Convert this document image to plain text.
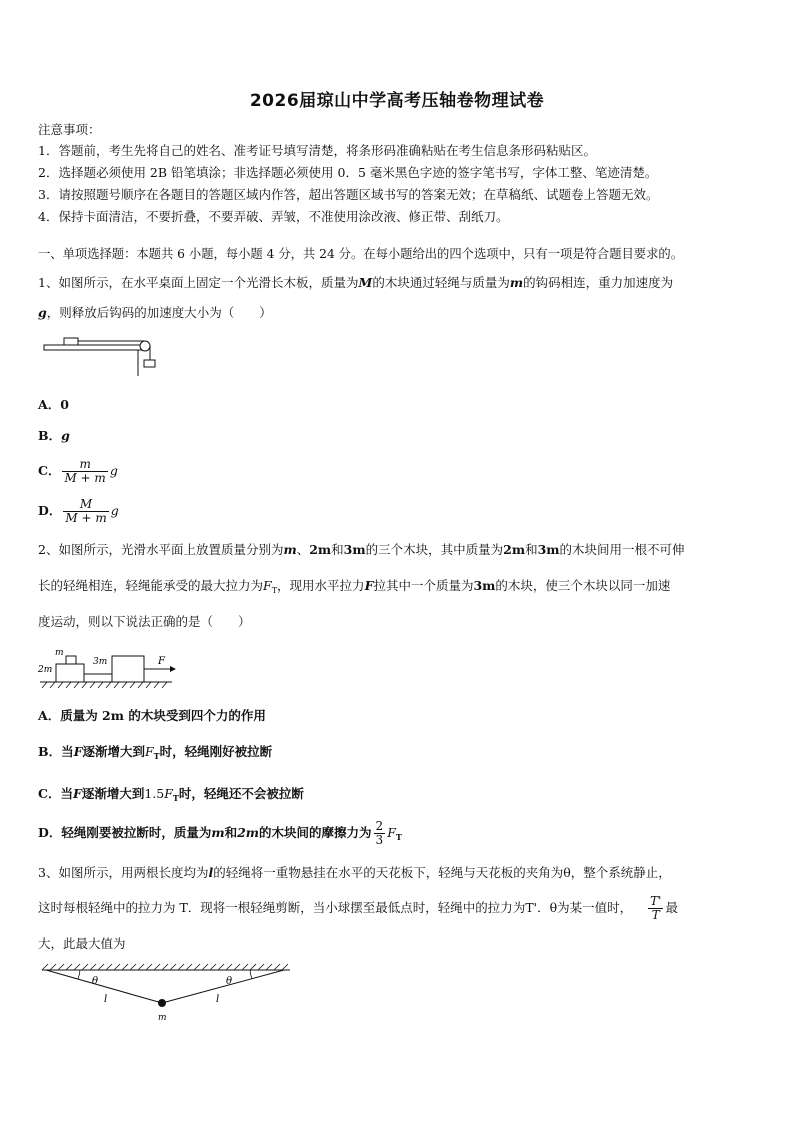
2026届琼山中学高考压轴卷物理试卷
注意事项：
1．答题前，考生先将自己的姓名、准考证号填写清楚，将条形码准确粘贴在考生信息条形码粘贴区。
2．选择题必须使用 2B 铅笔填涂；非选择题必须使用 0．5 毫米黑色字迹的签字笔书写，字体工整、笔迹清楚。
3．请按照题号顺序在各题目的答题区域内作答，超出答题区域书写的答案无效；在草稿纸、试题卷上答题无效。
4．保持卡面清洁，不要折叠，不要弄破、弄皱，不准使用涂改液、修正带、刮纸刀。
一、单项选择题：本题共 6 小题，每小题 4 分，共 24 分。在每小题给出的四个选项中，只有一项是符合题目要求的。
1、如图所示，在水平桌面上固定一个光滑长木板，质量为M的木块通过轻绳与质量为m的钩码相连，重力加速度为
g，则释放后钩码的加速度大小为（　　）
A．0
B．g
C． $\frac{m}{M + m}$ g
D． $\frac{M}{M + m}$ g
2、如图所示，光滑水平面上放置质量分别为m、2m和3m的三个木块，其中质量为2m和3m的木块间用一根不可伸
长的轻绳相连，轻绳能承受的最大拉力为$F_T$，现用水平拉力F拉其中一个质量为3m的木块，使三个木块以同一加速
度运动，则以下说法正确的是（　　）
m
2m
3m	F
A．质量为 2m 的木块受到四个力的作用
B．当F逐渐增大到$F_T$时，轻绳刚好被拉断
C．当F逐渐增大到$1.5F_T$时，轻绳还不会被拉断
D．轻绳刚要被拉断时，质量为m和2m的木块间的摩擦力为 $\frac{2}{3} F_T$
3、如图所示，用两根长度均为l的轻绳将一重物悬挂在水平的天花板下，轻绳与天花板的夹角为θ，整个系统静止，
这时每根轻绳中的拉力为 T．现将一根轻绳剪断，当小球摆至最低点时，轻绳中的拉力为T'．θ为某一值时， $\frac{T'}{T}$ 最
大，此最大值为
θ	θ
l	l
m
